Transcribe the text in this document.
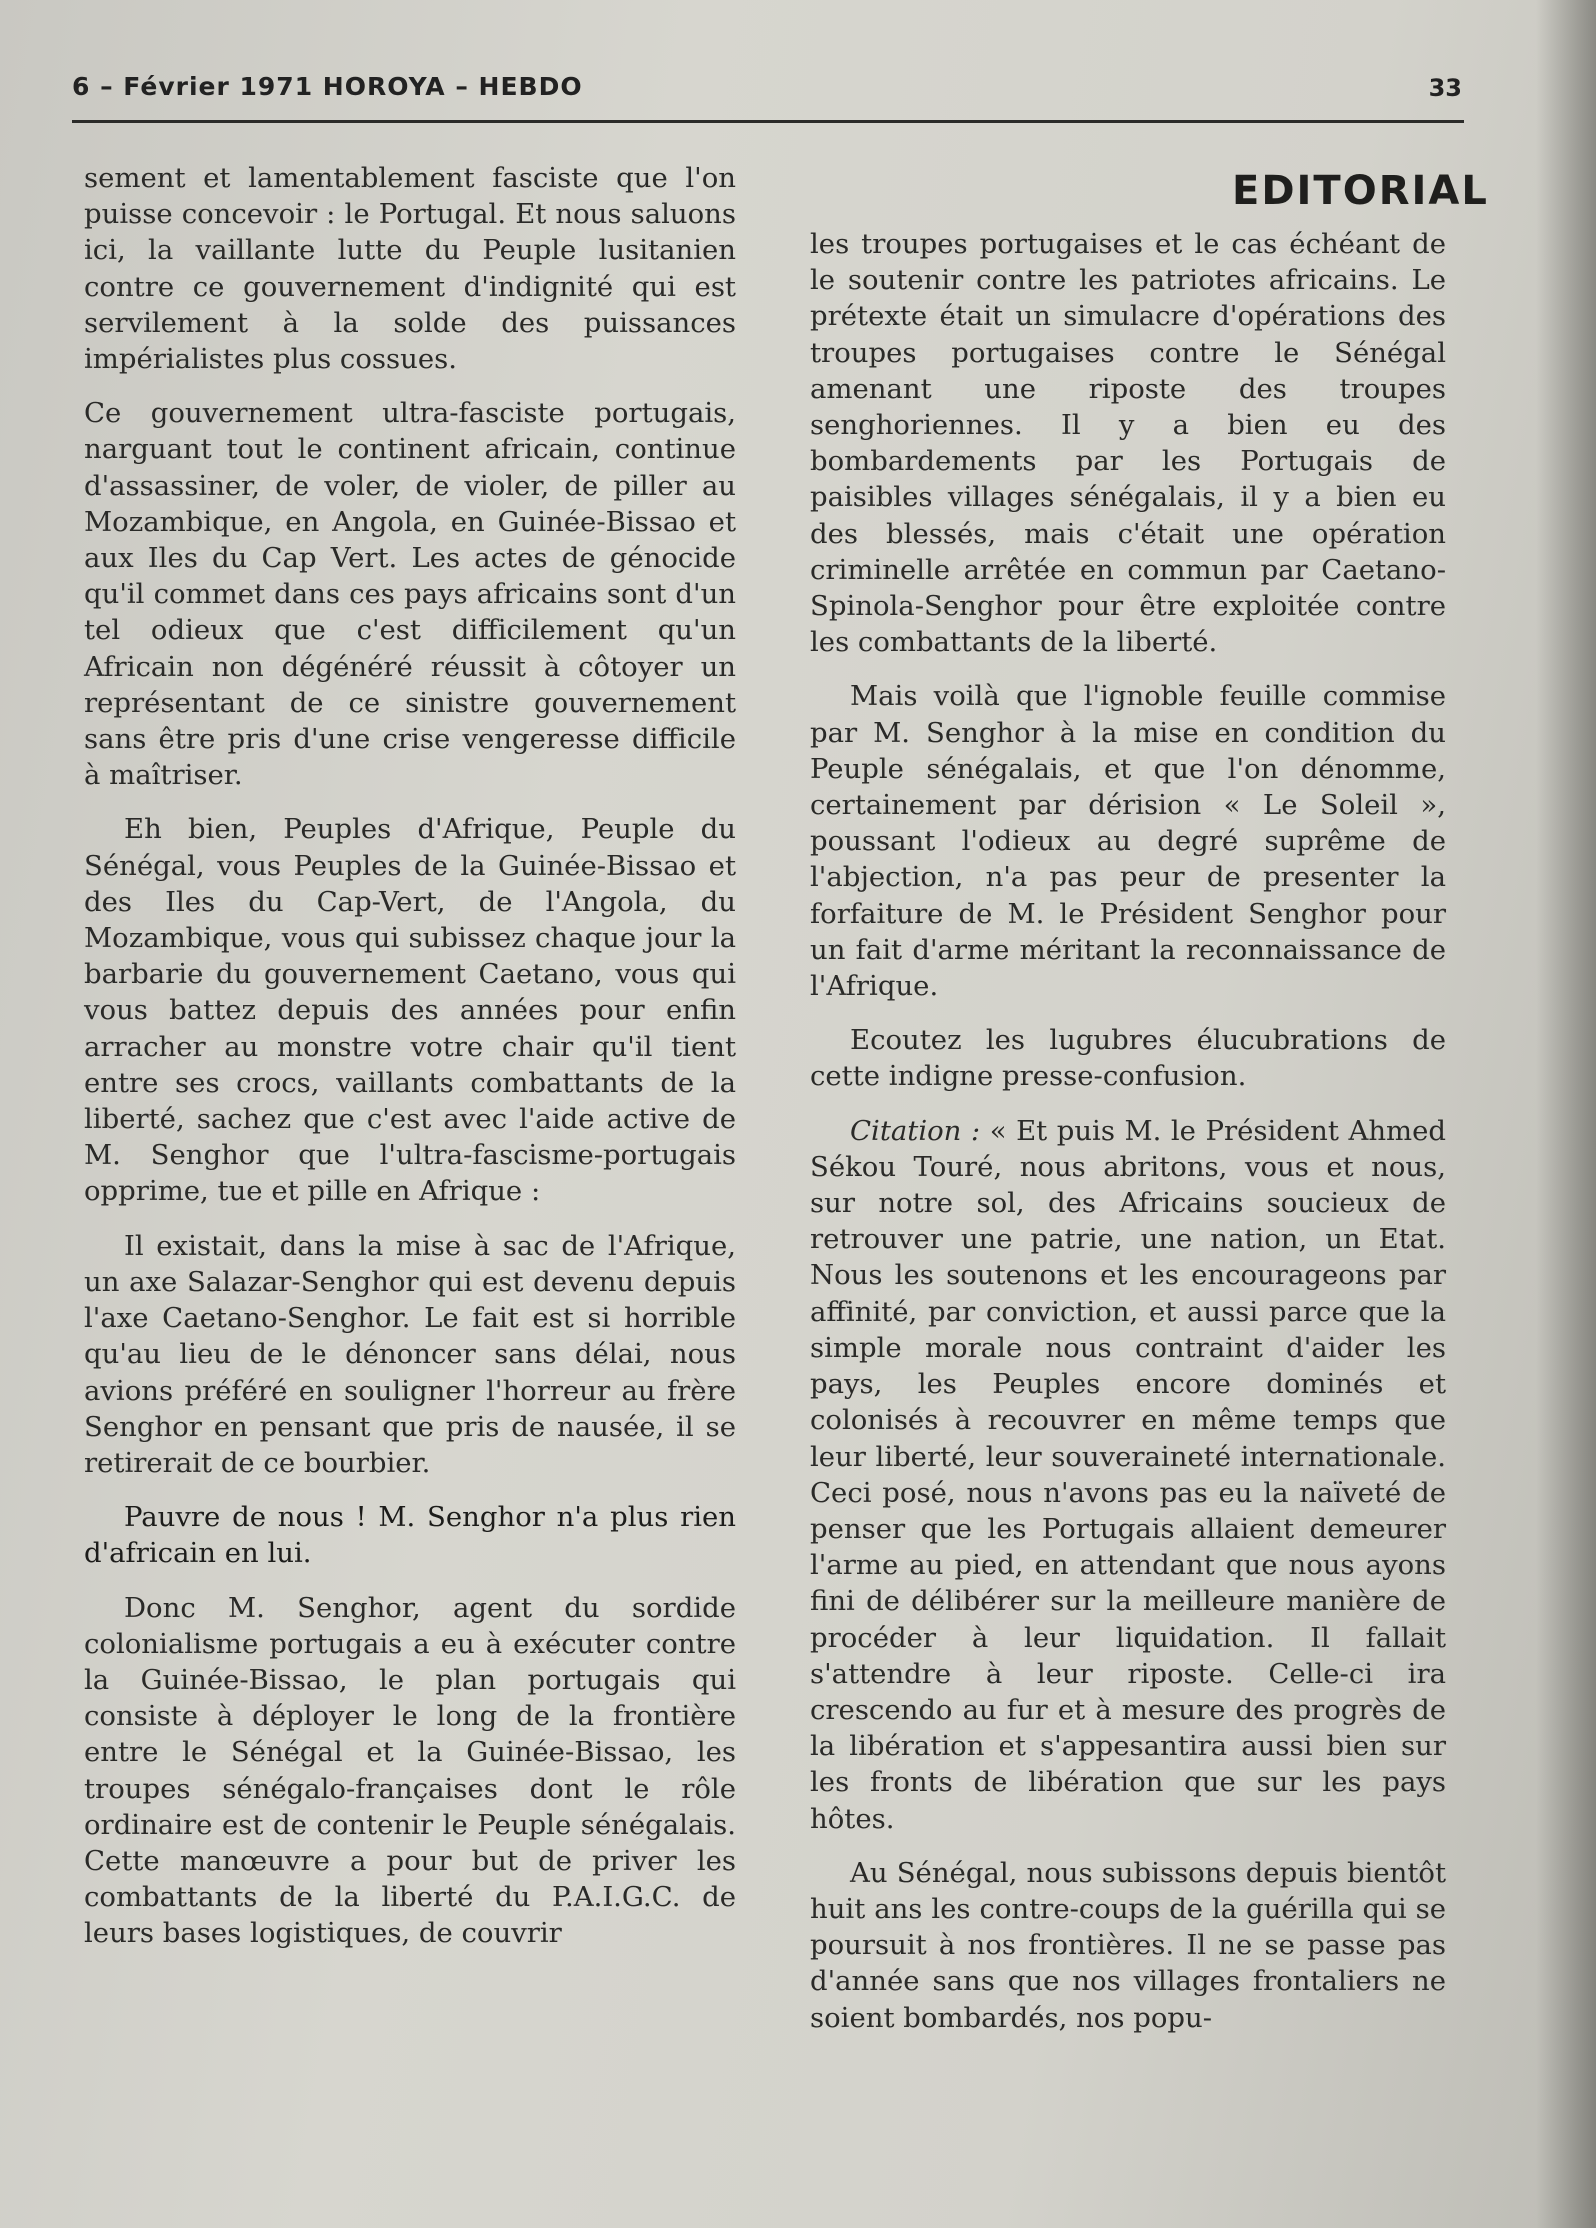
6 – Février 1971 HOROYA – HEBDO	33
EDITORIAL

sement et lamentablement fasciste que l'on puisse concevoir : le Portugal. Et nous saluons ici, la vaillante lutte du Peuple lusitanien contre ce gouvernement d'indignité qui est servilement à la solde des puissances impérialistes plus cossues.

Ce gouvernement ultra-fasciste portugais, narguant tout le continent africain, continue d'assassiner, de voler, de violer, de piller au Mozambique, en Angola, en Guinée-Bissao et aux Iles du Cap Vert. Les actes de génocide qu'il commet dans ces pays africains sont d'un tel odieux que c'est difficilement qu'un Africain non dégénéré réussit à côtoyer un représentant de ce sinistre gouvernement sans être pris d'une crise vengeresse difficile à maîtriser.

Eh bien, Peuples d'Afrique, Peuple du Sénégal, vous Peuples de la Guinée-Bissao et des Iles du Cap-Vert, de l'Angola, du Mozambique, vous qui subissez chaque jour la barbarie du gouvernement Caetano, vous qui vous battez depuis des années pour enfin arracher au monstre votre chair qu'il tient entre ses crocs, vaillants combattants de la liberté, sachez que c'est avec l'aide active de M. Senghor que l'ultra-fascisme-portugais opprime, tue et pille en Afrique :

Il existait, dans la mise à sac de l'Afrique, un axe Salazar-Senghor qui est devenu depuis l'axe Caetano-Senghor. Le fait est si horrible qu'au lieu de le dénoncer sans délai, nous avions préféré en souligner l'horreur au frère Senghor en pensant que pris de nausée, il se retirerait de ce bourbier.

Pauvre de nous ! M. Senghor n'a plus rien d'africain en lui.

Donc M. Senghor, agent du sordide colonialisme portugais a eu à exécuter contre la Guinée-Bissao, le plan portugais qui consiste à déployer le long de la frontière entre le Sénégal et la Guinée-Bissao, les troupes sénégalo-françaises dont le rôle ordinaire est de contenir le Peuple sénégalais. Cette manœuvre a pour but de priver les combattants de la liberté du P.A.I.G.C. de leurs bases logistiques, de couvrir

les troupes portugaises et le cas échéant de le soutenir contre les patriotes africains. Le prétexte était un simulacre d'opérations des troupes portugaises contre le Sénégal amenant une riposte des troupes senghoriennes. Il y a bien eu des bombardements par les Portugais de paisibles villages sénégalais, il y a bien eu des blessés, mais c'était une opération criminelle arrêtée en commun par Caetano-Spinola-Senghor pour être exploitée contre les combattants de la liberté.

Mais voilà que l'ignoble feuille commise par M. Senghor à la mise en condition du Peuple sénégalais, et que l'on dénomme, certainement par dérision « Le Soleil », poussant l'odieux au degré suprême de l'abjection, n'a pas peur de presenter la forfaiture de M. le Président Senghor pour un fait d'arme méritant la reconnaissance de l'Afrique.

Ecoutez les lugubres élucubrations de cette indigne presse-confusion.

Citation : « Et puis M. le Président Ahmed Sékou Touré, nous abritons, vous et nous, sur notre sol, des Africains soucieux de retrouver une patrie, une nation, un Etat. Nous les soutenons et les encourageons par affinité, par conviction, et aussi parce que la simple morale nous contraint d'aider les pays, les Peuples encore dominés et colonisés à recouvrer en même temps que leur liberté, leur souveraineté internationale. Ceci posé, nous n'avons pas eu la naïveté de penser que les Portugais allaient demeurer l'arme au pied, en attendant que nous ayons fini de délibérer sur la meilleure manière de procéder à leur liquidation. Il fallait s'attendre à leur riposte. Celle-ci ira crescendo au fur et à mesure des progrès de la libération et s'appesantira aussi bien sur les fronts de libération que sur les pays hôtes.

Au Sénégal, nous subissons depuis bientôt huit ans les contre-coups de la guérilla qui se poursuit à nos frontières. Il ne se passe pas d'année sans que nos villages frontaliers ne soient bombardés, nos popu-
